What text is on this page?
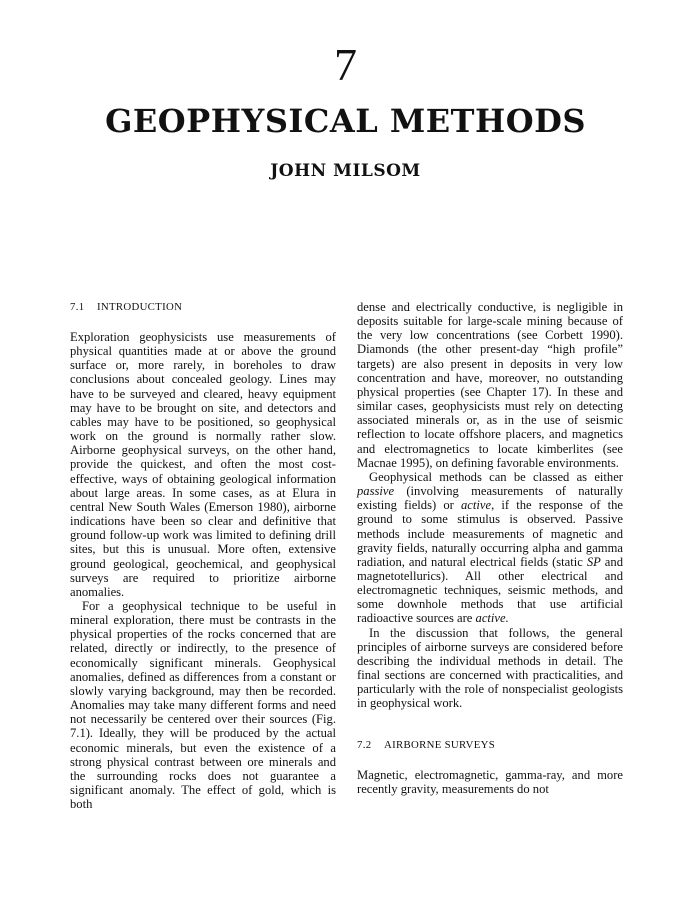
7
GEOPHYSICAL METHODS
JOHN MILSOM
7.1 INTRODUCTION

Exploration geophysicists use measurements of physical quantities made at or above the ground surface or, more rarely, in boreholes to draw conclusions about concealed geology. Lines may have to be surveyed and cleared, heavy equipment may have to be brought on site, and detectors and cables may have to be positioned, so geophysical work on the ground is normally rather slow. Airborne geophysical surveys, on the other hand, provide the quickest, and often the most cost-effective, ways of obtaining geological information about large areas. In some cases, as at Elura in central New South Wales (Emerson 1980), airborne indications have been so clear and definitive that ground follow-up work was limited to defining drill sites, but this is unusual. More often, extensive ground geological, geochemical, and geophysical surveys are required to prioritize airborne anomalies.

For a geophysical technique to be useful in mineral exploration, there must be contrasts in the physical properties of the rocks concerned that are related, directly or indirectly, to the presence of economically significant minerals. Geophysical anomalies, defined as differences from a constant or slowly varying background, may then be recorded. Anomalies may take many different forms and need not necessarily be centered over their sources (Fig. 7.1). Ideally, they will be produced by the actual economic minerals, but even the existence of a strong physical contrast between ore minerals and the surrounding rocks does not guarantee a significant anomaly. The effect of gold, which is both

dense and electrically conductive, is negligible in deposits suitable for large-scale mining because of the very low concentrations (see Corbett 1990). Diamonds (the other present-day “high profile” targets) are also present in deposits in very low concentration and have, moreover, no outstanding physical properties (see Chapter 17). In these and similar cases, geophysicists must rely on detecting associated minerals or, as in the use of seismic reflection to locate offshore placers, and magnetics and electromagnetics to locate kimberlites (see Macnae 1995), on defining favorable environments.

Geophysical methods can be classed as either passive (involving measurements of naturally existing fields) or active, if the response of the ground to some stimulus is observed. Passive methods include measurements of magnetic and gravity fields, naturally occurring alpha and gamma radiation, and natural electrical fields (static SP and magnetotellurics). All other electrical and electromagnetic techniques, seismic methods, and some downhole methods that use artificial radioactive sources are active.

In the discussion that follows, the general principles of airborne surveys are considered before describing the individual methods in detail. The final sections are concerned with practicalities, and particularly with the role of nonspecialist geologists in geophysical work.

7.2 AIRBORNE SURVEYS

Magnetic, electromagnetic, gamma-ray, and more recently gravity, measurements do not
